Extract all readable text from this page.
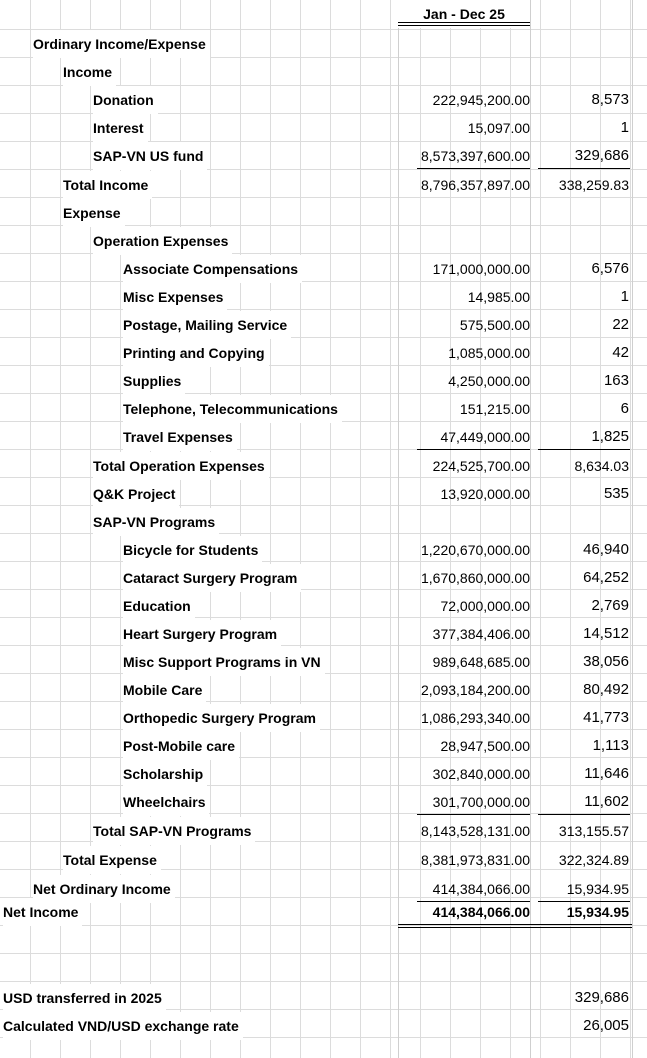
Jan - Dec 25
Ordinary Income/Expense
Income
Donation	222,945,200.00	8,573
Interest	15,097.00	1
SAP-VN US fund	8,573,397,600.00	329,686
Total Income	8,796,357,897.00 338,259.83
Expense
Operation Expenses
Associate Compensations	171,000,000.00	6,576
Misc Expenses	14,985.00	1
Postage, Mailing Service	575,500.00	22
Printing and Copying	1,085,000.00	42
Supplies	4,250,000.00	163
Telephone, Telecommunications	151,215.00	6
Travel Expenses	47,449,000.00	1,825
Total Operation Expenses	224,525,700.00	8,634.03
Q&K Project	13,920,000.00	535
SAP-VN Programs
Bicycle for Students	1,220,670,000.00	46,940
Cataract Surgery Program	1,670,860,000.00	64,252
Education	72,000,000.00	2,769
Heart Surgery Program	377,384,406.00	14,512
Misc Support Programs in VN	989,648,685.00	38,056
Mobile Care	2,093,184,200.00	80,492
Orthopedic Surgery Program	1,086,293,340.00	41,773
Post-Mobile care	28,947,500.00	1,113
Scholarship	302,840,000.00	11,646
Wheelchairs	301,700,000.00	11,602
Total SAP-VN Programs	8,143,528,131.00 313,155.57
Total Expense	8,381,973,831.00 322,324.89
Net Ordinary Income	414,384,066.00	15,934.95
Net Income	414,384,066.00	15,934.95
USD transferred in 2025	329,686
Calculated VND/USD exchange rate	26,005
